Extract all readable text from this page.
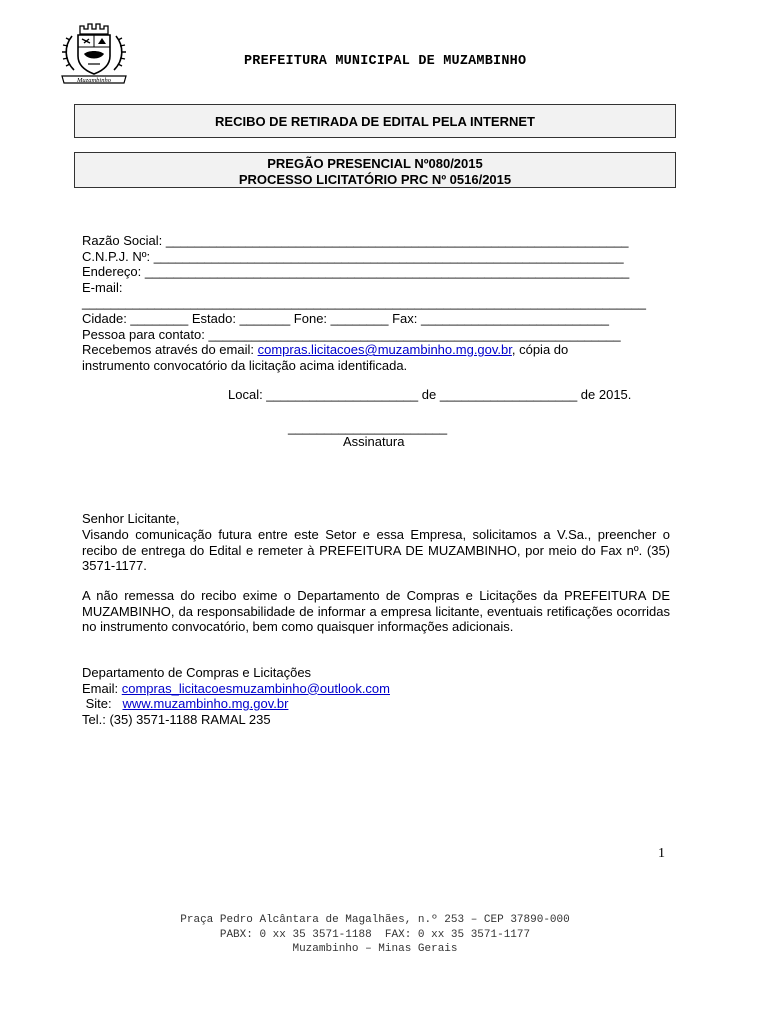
Muzambinho
PREFEITURA MUNICIPAL DE MUZAMBINHO
RECIBO DE RETIRADA DE EDITAL PELA INTERNET
PREGÃO PRESENCIAL Nº080/2015
PROCESSO LICITATÓRIO PRC Nº 0516/2015
Razão Social: ________________________________________________________________
C.N.P.J. Nº: _________________________________________________________________
Endereço: ___________________________________________________________________
E-mail:
______________________________________________________________________________
Cidade: ________ Estado: _______ Fone: ________ Fax: __________________________
Pessoa para contato: _________________________________________________________
Recebemos através do email: compras.licitacoes@muzambinho.mg.gov.br, cópia do
instrumento convocatório da licitação acima identificada.
Local: _____________________ de ___________________ de 2015.
______________________
Assinatura
Senhor Licitante,
Visando comunicação futura entre este Setor e essa Empresa, solicitamos a V.Sa., preencher o recibo de entrega do Edital e remeter à PREFEITURA DE MUZAMBINHO, por meio do Fax nº. (35) 3571-1177.
A não remessa do recibo exime o Departamento de Compras e Licitações da PREFEITURA DE MUZAMBINHO, da responsabilidade de informar a empresa licitante, eventuais retificações ocorridas no instrumento convocatório, bem como quaisquer informações adicionais.
Departamento de Compras e Licitações
Email: compras_licitacoesmuzambinho@outlook.com
Site:   www.muzambinho.mg.gov.br
Tel.: (35) 3571-1188 RAMAL 235
1
Praça Pedro Alcântara de Magalhães, n.º 253 – CEP 37890-000
PABX: 0 xx 35 3571-1188  FAX: 0 xx 35 3571-1177
Muzambinho – Minas Gerais
